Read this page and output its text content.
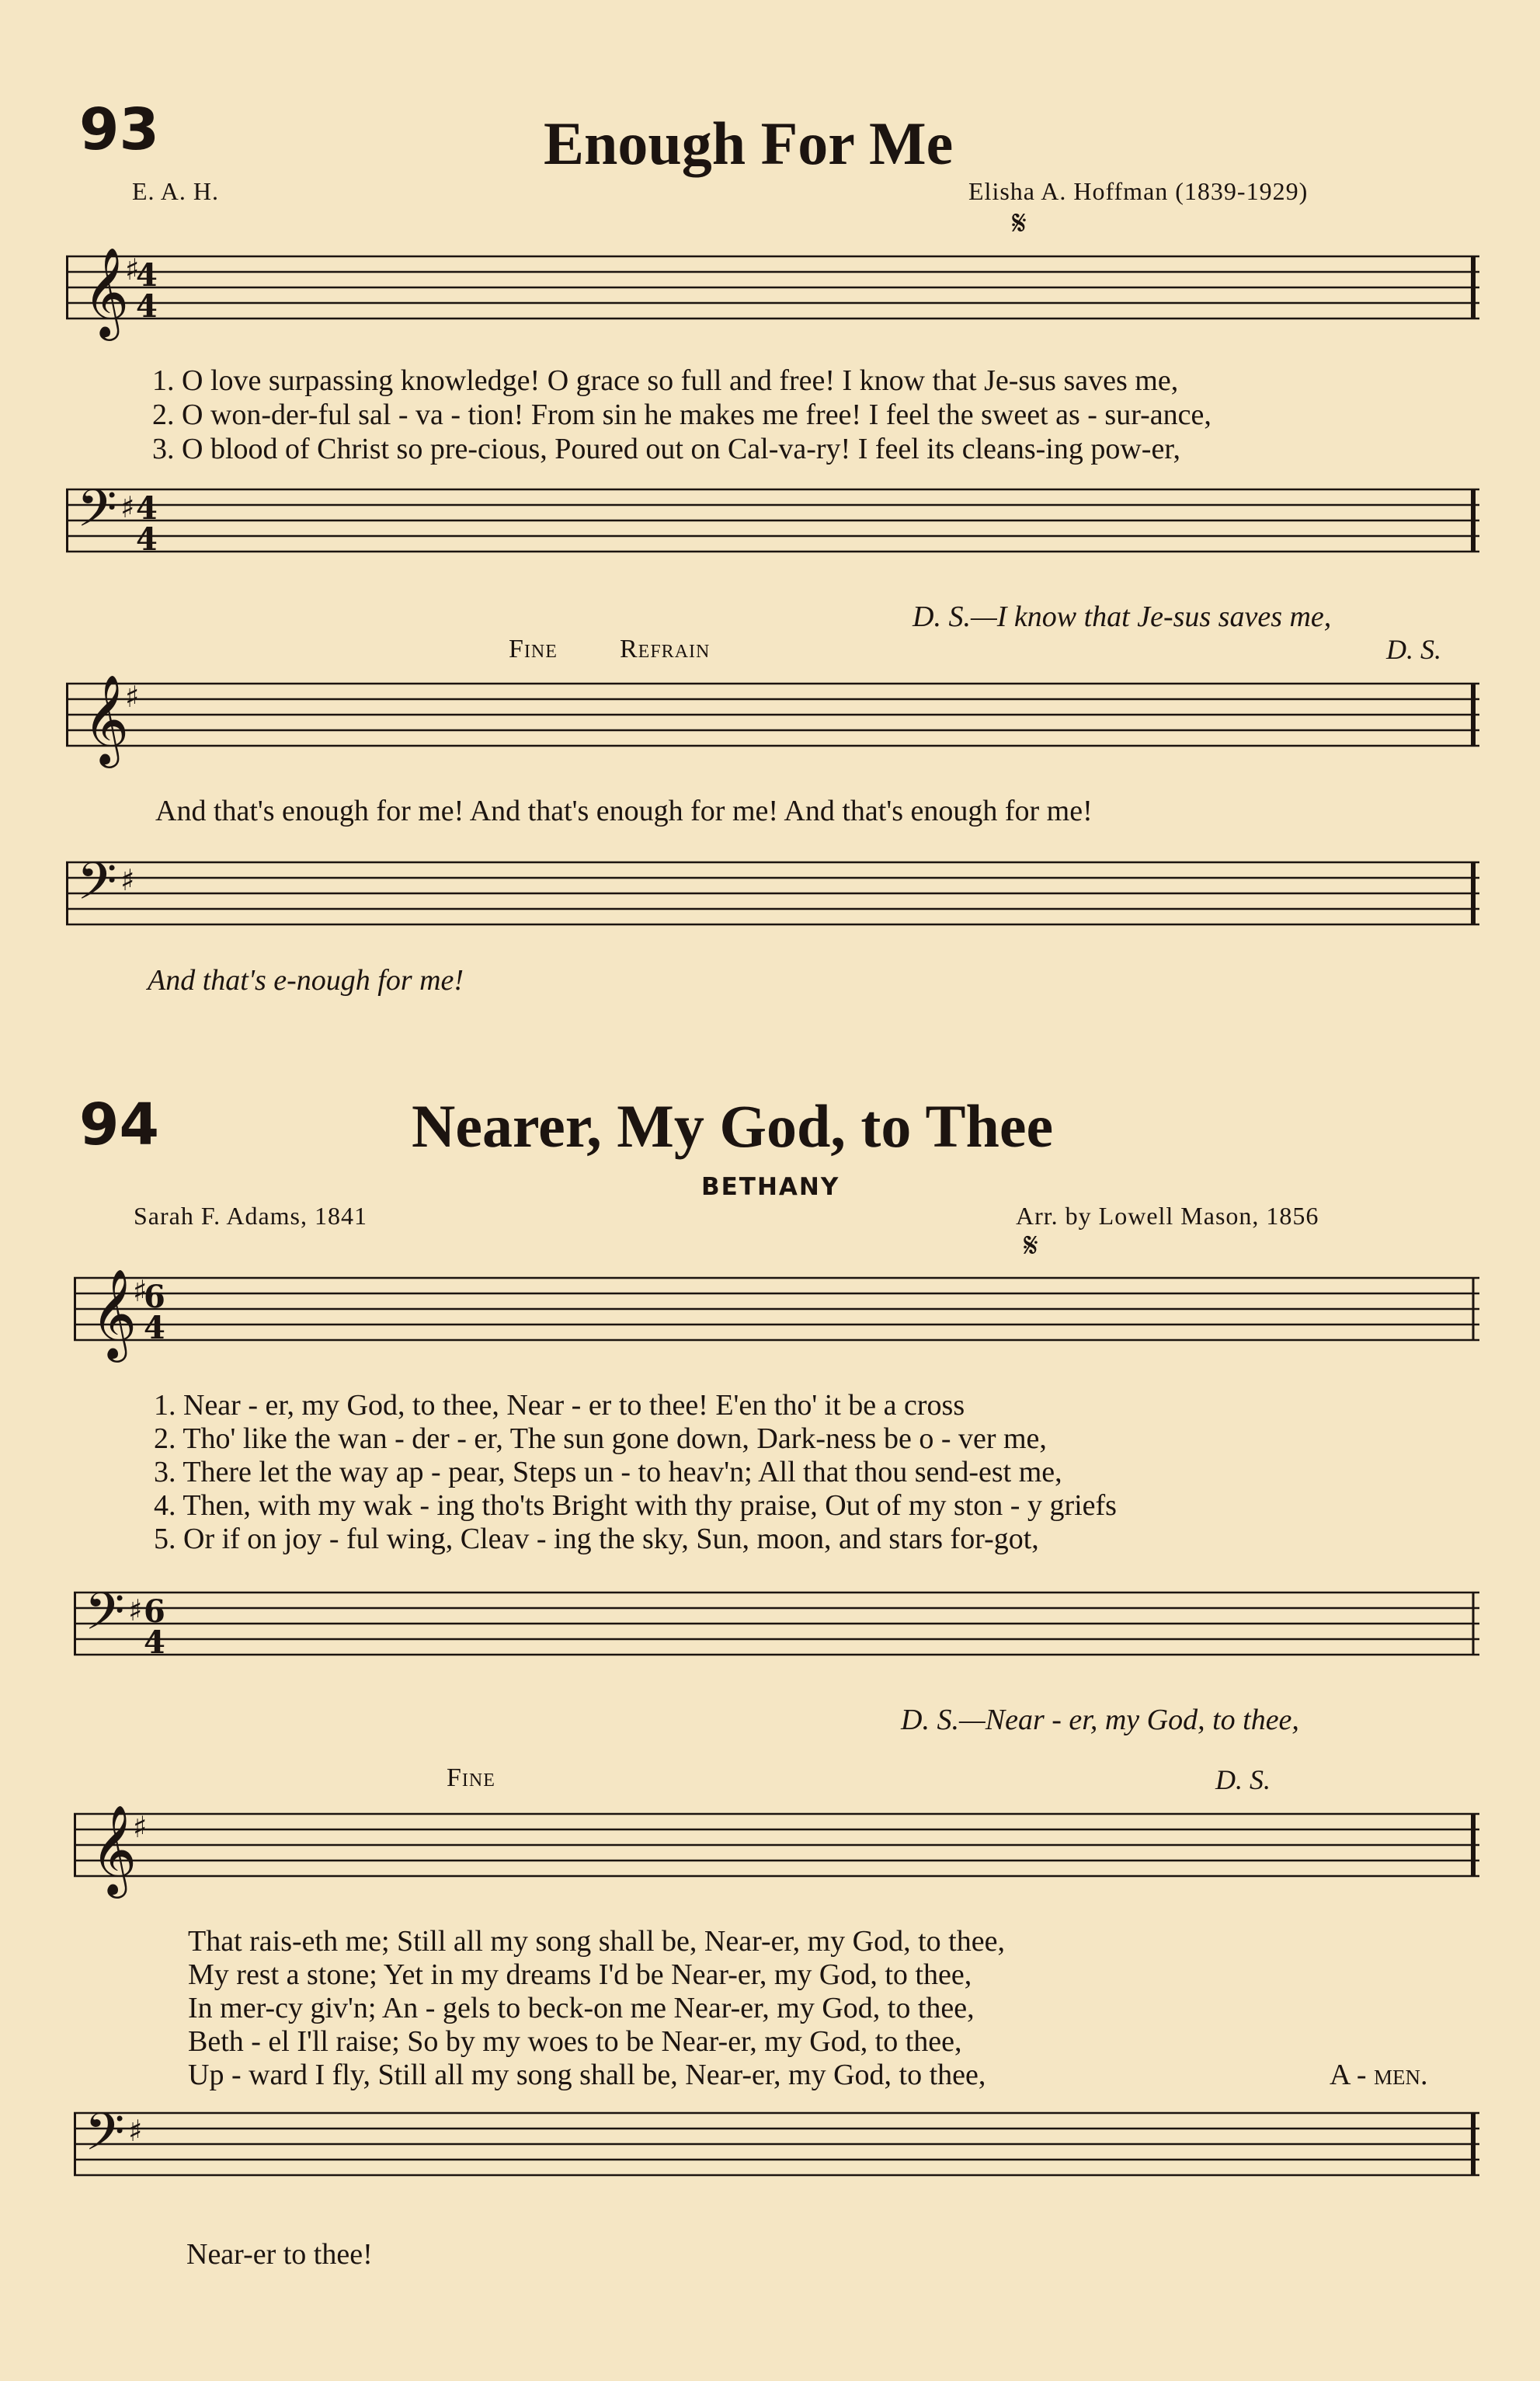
93	Enough For Me
E. A. H.	Elisha A. Hoffman (1839-1929)
𝄞 4
4
♯
𝄋
1. O love surpassing knowledge! O grace so full and free! I know that Je-sus saves me,
2. O won-der-ful sal - va - tion! From sin he makes me free! I feel the sweet as - sur-ance,
3. O blood of Christ so pre-cious, Poured out on Cal-va-ry! I feel its cleans-ing pow-er,
𝄢 4
4
♯
D. S.—I know that Je-sus saves me,
Fine Refrain	D. S.
𝄞
♯
And that's enough for me! And that's enough for me! And that's enough for me!
𝄢 ♯
And that's e-nough for me!
94	Nearer, My God, to Thee
BETHANY
Sarah F. Adams, 1841	Arr. by Lowell Mason, 1856
𝄋
𝄞 6
4
♯
1. Near - er, my God, to thee, Near - er to thee! E'en tho' it be a cross
2. Tho' like the wan - der - er, The sun gone down, Dark-ness be o - ver me,
3. There let the way ap - pear, Steps un - to heav'n; All that thou send-est me,
4. Then, with my wak - ing tho'ts Bright with thy praise, Out of my ston - y griefs
5. Or if on joy - ful wing, Cleav - ing the sky, Sun, moon, and stars for-got,
𝄢 6
4
♯
D. S.—Near - er, my God, to thee,
Fine	D. S.
𝄞
♯
That rais-eth me; Still all my song shall be, Near-er, my God, to thee,
My rest a stone; Yet in my dreams I'd be Near-er, my God, to thee,
In mer-cy giv'n; An - gels to beck-on me Near-er, my God, to thee,
Beth - el I'll raise; So by my woes to be Near-er, my God, to thee,
Up - ward I fly, Still all my song shall be, Near-er, my God, to thee,	A - men.
𝄢 ♯
Near-er to thee!
